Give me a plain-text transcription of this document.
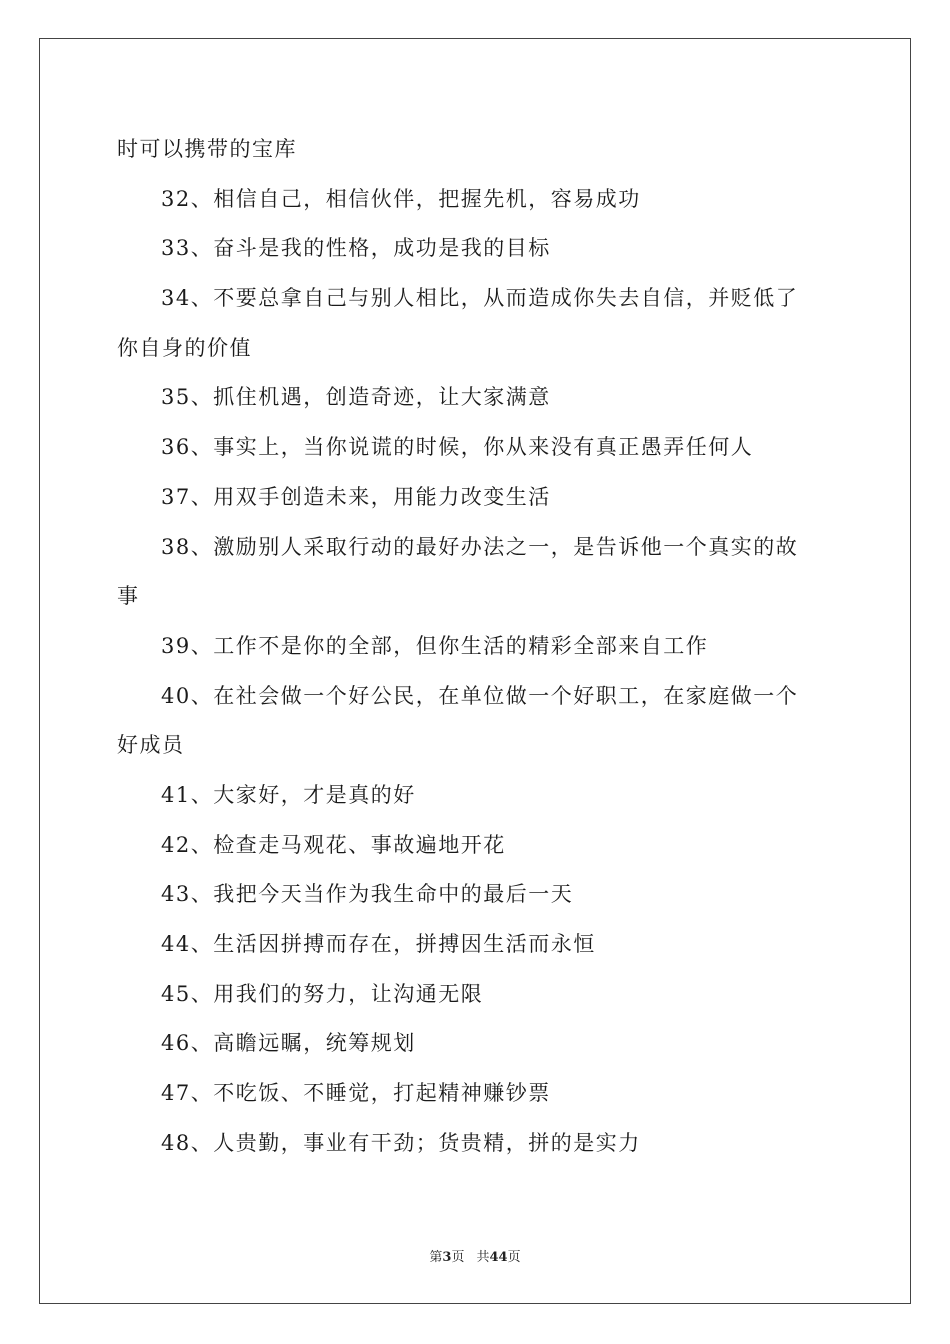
时可以携带的宝库
32、相信自己，相信伙伴，把握先机，容易成功
33、奋斗是我的性格，成功是我的目标
34、不要总拿自己与别人相比，从而造成你失去自信，并贬低了
你自身的价值
35、抓住机遇，创造奇迹，让大家满意
36、事实上，当你说谎的时候，你从来没有真正愚弄任何人
37、用双手创造未来，用能力改变生活
38、激励别人采取行动的最好办法之一，是告诉他一个真实的故
事
39、工作不是你的全部，但你生活的精彩全部来自工作
40、在社会做一个好公民，在单位做一个好职工，在家庭做一个
好成员
41、大家好，才是真的好
42、检查走马观花、事故遍地开花
43、我把今天当作为我生命中的最后一天
44、生活因拼搏而存在，拼搏因生活而永恒
45、用我们的努力，让沟通无限
46、高瞻远瞩，统筹规划
47、不吃饭、不睡觉，打起精神赚钞票
48、人贵勤，事业有干劲；货贵精，拼的是实力
第3页 共44页
